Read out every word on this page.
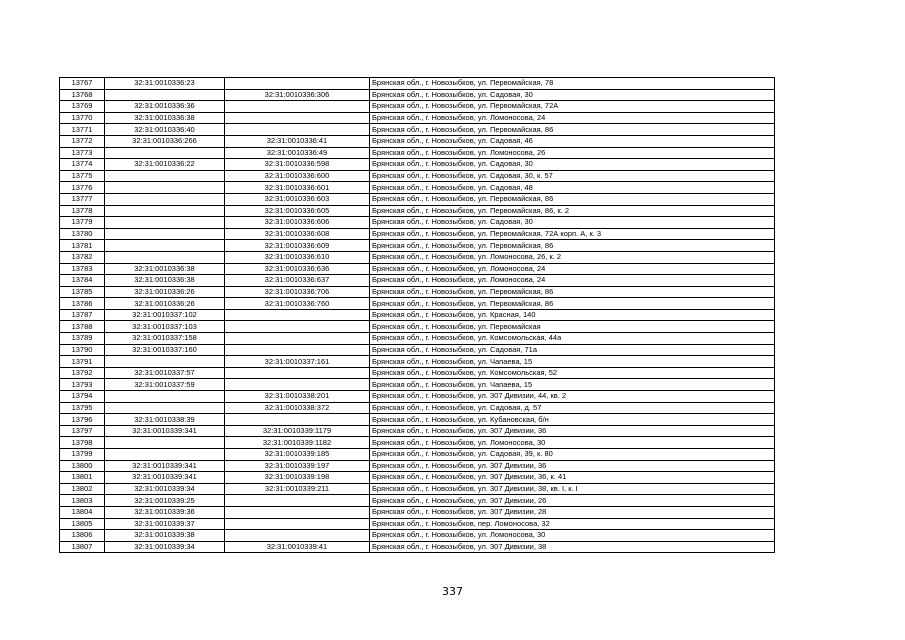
13767	32:31:0010336:23		Брянская обл., г. Новозыбков, ул. Первомайская, 78
13768		32:31:0010336:306	Брянская обл., г. Новозыбков, ул. Садовая, 30
13769	32:31:0010336:36		Брянская обл., г. Новозыбков, ул. Первомайская, 72А
13770	32:31:0010336:38		Брянская обл., г. Новозыбков, ул. Ломоносова, 24
13771	32:31:0010336:40		Брянская обл., г. Новозыбков, ул. Первомайская, 86
13772	32:31:0010336:266	32:31:0010336:41	Брянская обл., г. Новозыбков, ул. Садовая, 46
13773		32:31:0010336:49	Брянская обл., г. Новозыбков, ул. Ломоносова, 26
13774	32:31:0010336:22	32:31:0010336:598	Брянская обл., г. Новозыбков, ул. Садовая, 30
13775		32:31:0010336:600	Брянская обл., г. Новозыбков, ул. Садовая, 30, к. 57
13776		32:31:0010336:601	Брянская обл., г. Новозыбков, ул. Садовая, 48
13777		32:31:0010336:603	Брянская обл., г. Новозыбков, ул. Первомайская, 86
13778		32:31:0010336:605	Брянская обл., г. Новозыбков, ул. Первомайская, 86, к. 2
13779		32:31:0010336:606	Брянская обл., г. Новозыбков, ул. Садовая, 30
13780		32:31:0010336:608	Брянская обл., г. Новозыбков, ул. Первомайская, 72А корп. А, к. 3
13781		32:31:0010336:609	Брянская обл., г. Новозыбков, ул. Первомайская, 86
13782		32:31:0010336:610	Брянская обл., г. Новозыбков, ул. Ломоносова, 26, к. 2
13783	32:31:0010336:38	32:31:0010336:636	Брянская обл., г. Новозыбков, ул. Ломоносова, 24
13784	32:31:0010336:38	32:31:0010336:637	Брянская обл., г. Новозыбков, ул. Ломоносова, 24
13785	32:31:0010336:26	32:31:0010336:706	Брянская обл., г. Новозыбков, ул. Первомайская, 86
13786	32:31:0010336:26	32:31:0010336:760	Брянская обл., г. Новозыбков, ул. Первомайская, 86
13787	32:31:0010337:102		Брянская обл., г. Новозыбков, ул. Красная, 140
13788	32:31:0010337:103		Брянская обл., г. Новозыбков, ул. Первомайская
13789	32:31:0010337:158		Брянская обл., г. Новозыбков, ул. Комсомольская, 44а
13790	32:31:0010337:160		Брянская обл., г. Новозыбков, ул. Садовая, 71а
13791		32:31:0010337:161	Брянская обл., г. Новозыбков, ул. Чапаева, 15
13792	32:31:0010337:57		Брянская обл., г. Новозыбков, ул. Комсомольская, 52
13793	32:31:0010337:59		Брянская обл., г. Новозыбков, ул. Чапаева, 15
13794		32:31:0010338:201	Брянская обл., г. Новозыбков, ул. 307 Дивизии, 44, кв. 2
13795		32:31:0010338:372	Брянская обл., г. Новозыбков, ул. Садовая, д. 57
13796	32:31:0010338:39		Брянская обл., г. Новозыбков, ул. Кубановская, б/н
13797	32:31:0010339:341	32:31:0010339:1179	Брянская обл., г. Новозыбков, ул. 307 Дивизии, 36
13798		32:31:0010339:1182	Брянская обл., г. Новозыбков, ул. Ломоносова, 30
13799		32:31:0010339:185	Брянская обл., г. Новозыбков, ул. Садовая, 39, к. 80
13800	32:31:0010339:341	32:31:0010339:197	Брянская обл., г. Новозыбков, ул. 307 Дивизии, 36
13801	32:31:0010339:341	32:31:0010339:198	Брянская обл., г. Новозыбков, ул. 307 Дивизии, 36, к. 41
13802	32:31:0010339:34	32:31:0010339:211	Брянская обл., г. Новозыбков, ул. 307 Дивизии, 38, кв. I, к. I
13803	32:31:0010339:25		Брянская обл., г. Новозыбков, ул. 307 Дивизии, 26
13804	32:31:0010339:36		Брянская обл., г. Новозыбков, ул. 307 Дивизии, 28
13805	32:31:0010339:37		Брянская обл., г. Новозыбков, пер. Ломоносова, 32
13806	32:31:0010339:38		Брянская обл., г. Новозыбков, ул. Ломоносова, 30
13807	32:31:0010339:34	32:31:0010339:41	Брянская обл., г. Новозыбков, ул. 307 Дивизии, 38
337
